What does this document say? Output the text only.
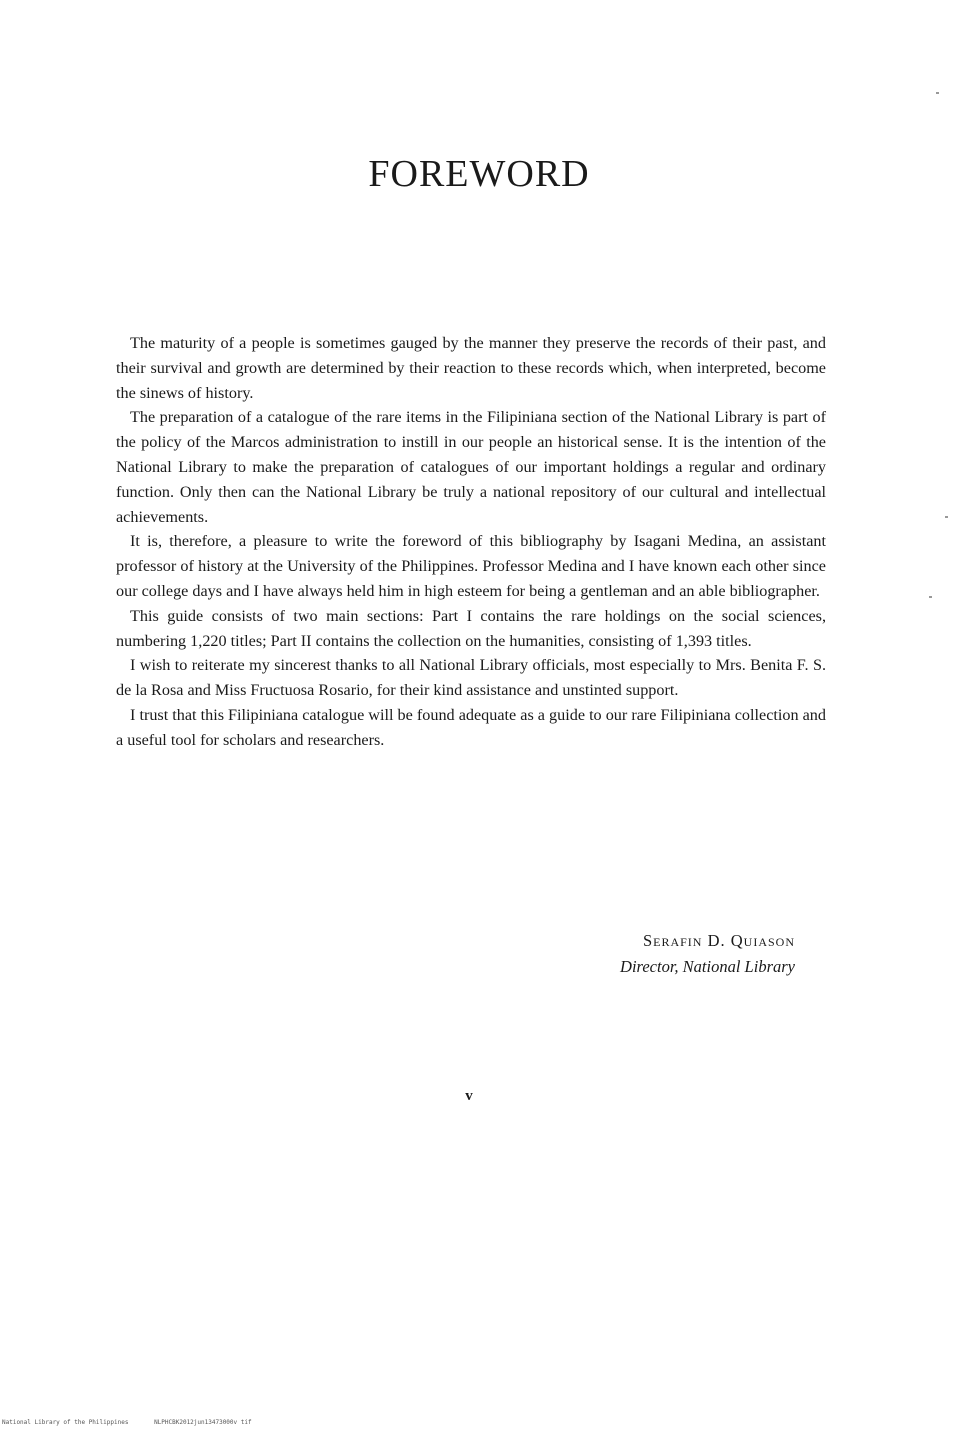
FOREWORD

The maturity of a people is sometimes gauged by the manner they preserve the records of their past, and their survival and growth are determined by their reaction to these records which, when interpreted, become the sinews of history.

The preparation of a catalogue of the rare items in the Filipiniana section of the National Library is part of the policy of the Marcos administration to instill in our people an historical sense. It is the intention of the National Library to make the preparation of catalogues of our important holdings a regular and ordinary function. Only then can the National Library be truly a national repository of our cultural and intellectual achievements.

It is, therefore, a pleasure to write the foreword of this bibliography by Isagani Medina, an assistant professor of history at the University of the Philippines. Professor Medina and I have known each other since our college days and I have always held him in high esteem for being a gentleman and an able bibliographer.

This guide consists of two main sections: Part I contains the rare holdings on the social sciences, numbering 1,220 titles; Part II contains the collection on the humanities, consisting of 1,393 titles.

I wish to reiterate my sincerest thanks to all National Library officials, most especially to Mrs. Benita F. S. de la Rosa and Miss Fructuosa Rosario, for their kind assistance and unstinted support.

I trust that this Filipiniana catalogue will be found adequate as a guide to our rare Filipiniana collection and a useful tool for scholars and researchers.

Serafin D. Quiason
Director, National Library
v
National Library of the Philippines	NLPHCBK2012jun13473000v tif
